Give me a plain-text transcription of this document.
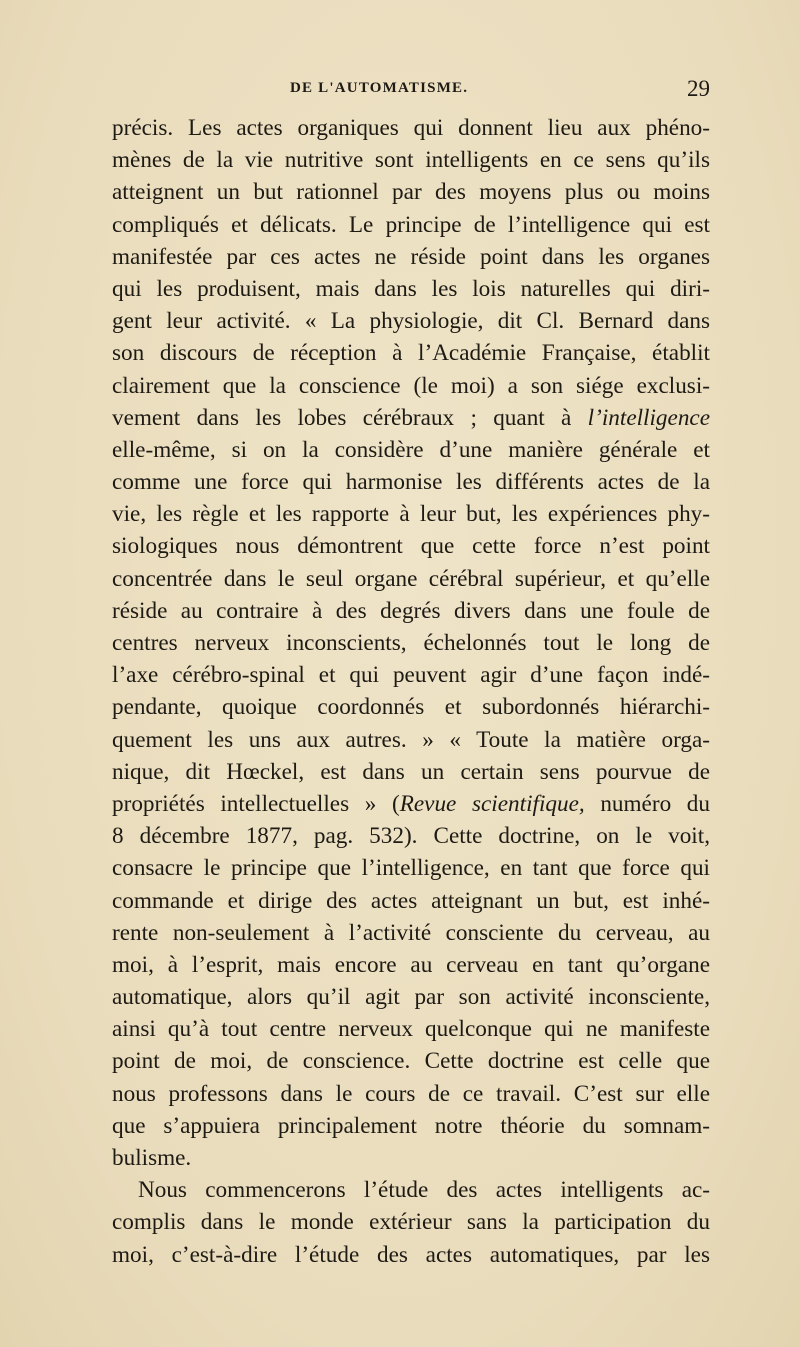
DE L'AUTOMATISME.	29
précis. Les actes organiques qui donnent lieu aux phéno-
mènes de la vie nutritive sont intelligents en ce sens qu’ils
atteignent un but rationnel par des moyens plus ou moins
compliqués et délicats. Le principe de l’intelligence qui est
manifestée par ces actes ne réside point dans les organes
qui les produisent, mais dans les lois naturelles qui diri-
gent leur activité. « La physiologie, dit Cl. Bernard dans
son discours de réception à l’Académie Française, établit
clairement que la conscience (le moi) a son siége exclusi-
vement dans les lobes cérébraux ; quant à l’intelligence
elle-même, si on la considère d’une manière générale et
comme une force qui harmonise les différents actes de la
vie, les règle et les rapporte à leur but, les expériences phy-
siologiques nous démontrent que cette force n’est point
concentrée dans le seul organe cérébral supérieur, et qu’elle
réside au contraire à des degrés divers dans une foule de
centres nerveux inconscients, échelonnés tout le long de
l’axe cérébro-spinal et qui peuvent agir d’une façon indé-
pendante, quoique coordonnés et subordonnés hiérarchi-
quement les uns aux autres. » « Toute la matière orga-
nique, dit Hœckel, est dans un certain sens pourvue de
propriétés intellectuelles » (Revue scientifique, numéro du
8 décembre 1877, pag. 532). Cette doctrine, on le voit,
consacre le principe que l’intelligence, en tant que force qui
commande et dirige des actes atteignant un but, est inhé-
rente non-seulement à l’activité consciente du cerveau, au
moi, à l’esprit, mais encore au cerveau en tant qu’organe
automatique, alors qu’il agit par son activité inconsciente,
ainsi qu’à tout centre nerveux quelconque qui ne manifeste
point de moi, de conscience. Cette doctrine est celle que
nous professons dans le cours de ce travail. C’est sur elle
que s’appuiera principalement notre théorie du somnam-
bulisme.
Nous commencerons l’étude des actes intelligents ac-
complis dans le monde extérieur sans la participation du
moi, c’est-à-dire l’étude des actes automatiques, par les
